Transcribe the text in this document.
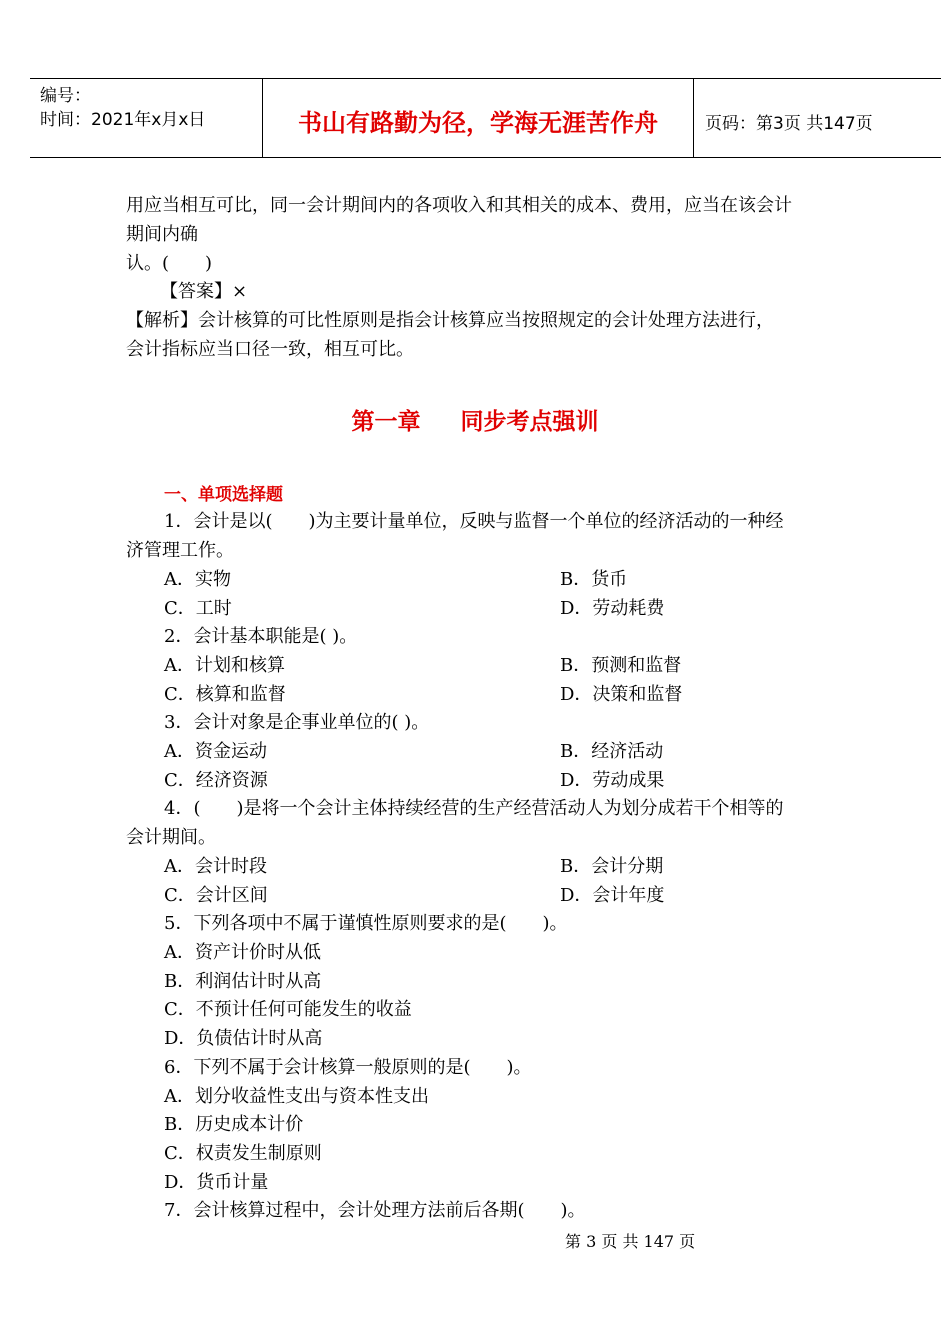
编号：
时间：2021年x月x日	书山有路勤为径，学海无涯苦作舟	页码：第3页 共147页
用应当相互可比，同一会计期间内的各项收入和其相关的成本、费用，应当在该会计
期间内确
认。(　　)
【答案】×
【解析】会计核算的可比性原则是指会计核算应当按照规定的会计处理方法进行，
会计指标应当口径一致，相互可比。
第一章 同步考点强训
一、单项选择题
1．会计是以(　　)为主要计量单位，反映与监督一个单位的经济活动的一种经
济管理工作。
A．实物	B．货币
C．工时	D．劳动耗费
2．会计基本职能是( )。
A．计划和核算	B．预测和监督
C．核算和监督	D．决策和监督
3．会计对象是企事业单位的( )。
A．资金运动	B．经济活动
C．经济资源	D．劳动成果
4．(　　)是将一个会计主体持续经营的生产经营活动人为划分成若干个相等的
会计期间。
A．会计时段	B．会计分期
C．会计区间	D．会计年度
5．下列各项中不属于谨慎性原则要求的是(　　)。
A．资产计价时从低
B．利润估计时从高
C．不预计任何可能发生的收益
D．负债估计时从高
6．下列不属于会计核算一般原则的是(　　)。
A．划分收益性支出与资本性支出
B．历史成本计价
C．权责发生制原则
D．货币计量
7．会计核算过程中，会计处理方法前后各期(　　)。
第 3 页 共 147 页
